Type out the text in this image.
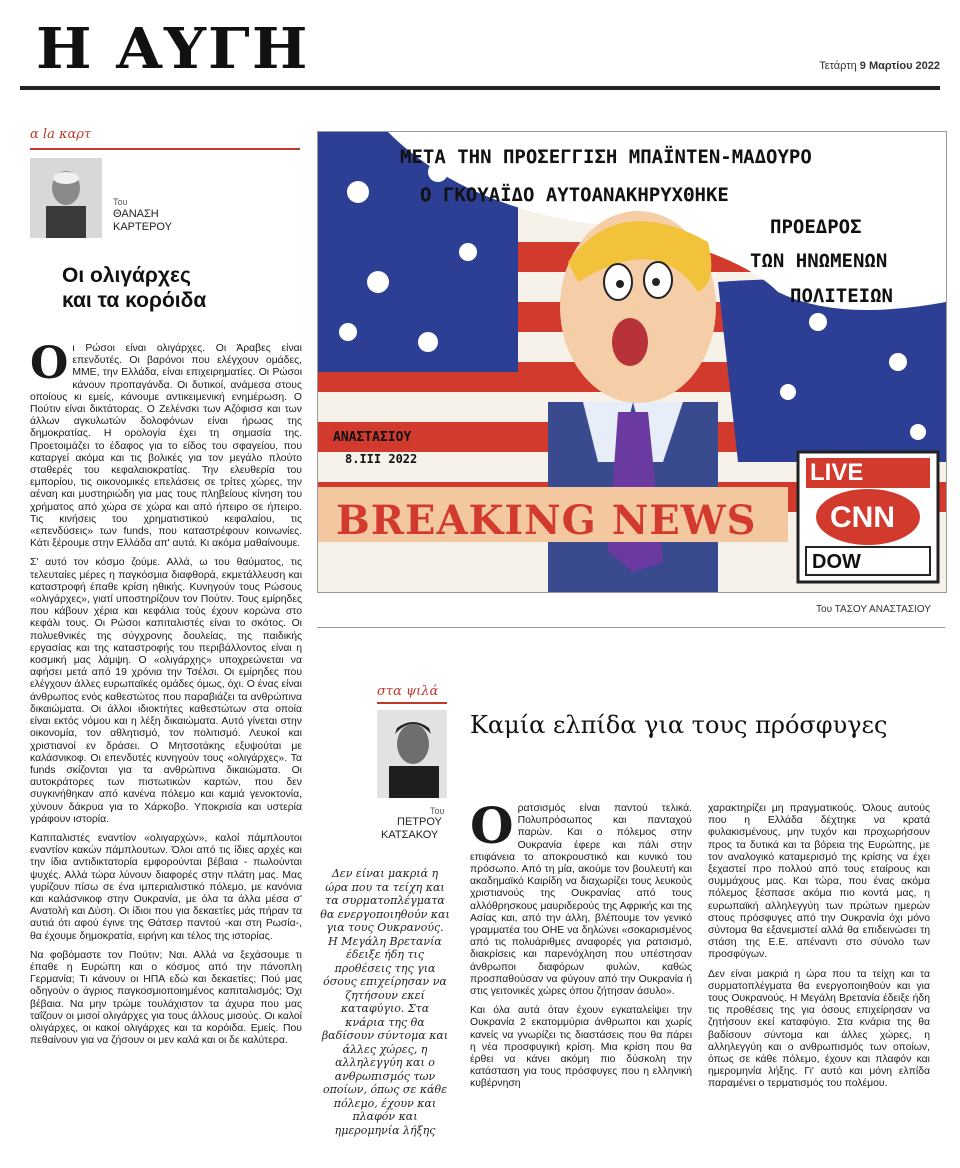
Η ΑΥΓΗ	Τετάρτη 9 Μαρτίου 2022
α la καρτ
Του
ΘΑΝΑΣΗ
ΚΑΡΤΕΡΟΥ
Οι ολιγάρχες
και τα κορόιδα
Ο ι Ρώσοι είναι ολιγάρχες. Οι Άραβες είναι επενδυτές. Οι βαρόνοι που ελέγχουν ομάδες, ΜΜΕ, την Ελλάδα, είναι επιχειρηματίες. Οι Ρώσοι κάνουν προπαγάνδα. Οι δυτικοί, ανάμεσα στους οποίους κι εμείς, κάνουμε αντικειμενική ενημέρωση. Ο Πούτιν είναι δικτάτορας. Ο Ζελένσκι των Αζόφισσ και των άλλων αγκυλωτών δολοφόνων είναι ήρωας της δημοκρατίας. Η ορολογία έχει τη σημασία της. Προετοιμάζει το έδαφος για το είδος του σφαγείου, που καταργεί ακόμα και τις βολικές για τον μεγάλο πλούτο σταθερές του κεφαλαιοκρατίας. Την ελευθερία του εμπορίου, τις οικονομικές επελάσεις σε τρίτες χώρες, την αέναη και μυστηριώδη για μας τους πληβείους κίνηση του χρήματος από χώρα σε χώρα και από ήπειρο σε ήπειρο. Τις κινήσεις του χρηματιστικού κεφαλαίου, τις «επενδύσεις» των funds, που καταστρέφουν κοινωνίες. Κάτι ξέρουμε στην Ελλάδα απ' αυτά. Κι ακόμα μαθαίνουμε.

Σ' αυτό τον κόσμο ζούμε. Αλλά, ω του θαύματος, τις τελευταίες μέρες η παγκόσμια διαφθορά, εκμετάλλευση και καταστροφή έπαθε κρίση ηθικής. Κυνηγούν τους Ρώσους «ολιγάρχες», γιατί υποστηρίζουν τον Πούτιν. Τους εμίρηδες που κάβουν χέρια και κεφάλια τούς έχουν κορώνα στο κεφάλι τους. Οι Ρώσοι καπιταλιστές είναι το σκότος. Οι πολυεθνικές της σύγχρονης δουλείας, της παιδικής εργασίας και της καταστροφής του περιβάλλοντος είναι η κοσμική μας λάμψη. Ο «ολιγάρχης» υποχρεώνεται να αφήσει μετά από 19 χρόνια την Τσέλσι. Οι εμίρηδες που ελέγχουν άλλες ευρωπαϊκές ομάδες όμως, όχι. Ο ένας είναι άνθρωπος ενός καθεστώτος που παραβιάζει τα ανθρώπινα δικαιώματα. Οι άλλοι ιδιοκτήτες καθεστώτων στα οποία είναι εκτός νόμου και η λέξη δικαιώματα. Αυτό γίνεται στην οικονομία, τον αθλητισμό, τον πολιτισμό. Λευκοί και χριστιανοί εν δράσει. Ο Μητσοτάκης εξυψούται με καλάσνικοφ. Οι επενδυτές κυνηγούν τους «ολιγάρχες». Τα funds σκίζονται για τα ανθρώπινα δικαιώματα. Οι αυτοκράτορες των πιστωτικών καρτών, που δεν συγκινήθηκαν από κανένα πόλεμο και καμιά γενοκτονία, χύνουν δάκρυα για το Χάρκοβο. Υποκρισία και υστερία γράφουν ιστορία.

Καπιταλιστές εναντίον «ολιγαρχών», καλοί πάμπλουτοι εναντίον κακών πάμπλουτων. Όλοι από τις ίδιες αρχές και την ίδια αντιδικτατορία εμφορούνται βέβαια - πωλούνται ψυχές. Αλλά τώρα λύνουν διαφορές στην πλάτη μας. Μας γυρίζουν πίσω σε ένα ιμπεριαλιστικό πόλεμο, με κανόνια και καλάσνικοφ στην Ουκρανία, με όλα τα άλλα μέσα σ' Ανατολή και Δύση. Οι ίδιοι που για δεκαετίες μάς πήραν τα αυτιά ότι αφού έγινε της Θάτσερ παντού -και στη Ρωσία-, θα έχουμε δημοκρατία, ειρήνη και τέλος της ιστορίας.

Να φοβόμαστε τον Πούτιν; Ναι. Αλλά να ξεχάσουμε τι έπαθε η Ευρώπη και ο κόσμος από την πάνοπλη Γερμανία; Τι κάνουν οι ΗΠΑ εδώ και δεκαετίες; Πού μας οδηγούν ο άγριος παγκοσμιοποιημένος καπιταλισμός; Όχι βέβαια. Να μην τρώμε τουλάχιστον τα άχυρα που μας ταΐζουν οι μισοί ολιγάρχες για τους άλλους μισούς. Οι καλοί ολιγάρχες, οι κακοί ολιγάρχες και τα κορόιδα. Εμείς. Που πεθαίνουν για να ζήσουν οι μεν καλά και οι δε καλύτερα.

ΜΕΤΑ ΤΗΝ ΠΡΟΣΕΓΓΙΣΗ ΜΠΑΪΝΤΕΝ-ΜΑΔΟΥΡΟ
Ο ΓΚΟΥΑΪΔΟ ΑΥΤΟΑΝΑΚΗΡΥΧΘΗΚΕ
ΠΡΟΕΔΡΟΣ
ΤΩΝ ΗΝΩΜΕΝΩΝ
ΠΟΛΙΤΕΙΩΝ
BREAKING NEWS
LIVE
CNN
DOW
ΑΝΑΣΤΑΣΙΟΥ
8.III 2022
Του ΤΑΣΟΥ ΑΝΑΣΤΑΣΙΟΥ
στα ψιλά
Καμία ελπίδα για τους πρόσφυγες
Του
ΠΕΤΡΟΥ
ΚΑΤΣΑΚΟΥ
Δεν είναι μακριά η ώρα που τα τείχη και τα συρματοπλέγματα θα ενεργοποιηθούν και για τους Ουκρανούς. Η Μεγάλη Βρετανία έδειξε ήδη τις προθέσεις της για όσους επιχείρησαν να ζητήσουν εκεί καταφύγιο. Στα κνάρια της θα βαδίσουν σύντομα και άλλες χώρες, η αλληλεγγύη και ο ανθρωπισμός των οποίων, όπως σε κάθε πόλεμο, έχουν και πλαφόν και ημερομηνία λήξης
Ο ρατσισμός είναι παντού τελικά. Πολυπρόσωπος και πανταχού παρών. Και ο πόλεμος στην Ουκρανία έφερε και πάλι στην επιφάνεια το αποκρουστικό και κυνικό του πρόσωπο. Από τη μία, ακούμε τον βουλευτή και ακαδημαϊκό Καιρίδη να διαχωρίζει τους λευκούς χριστιανούς της Ουκρανίας από τους αλλόθρησκους μαυριδερούς της Αφρικής και της Ασίας και, από την άλλη, βλέπουμε τον γενικό γραμματέα του ΟΗΕ να δηλώνει «σοκαρισμένος από τις πολυάριθμες αναφορές για ρατσισμό, διακρίσεις και παρενόχληση που υπέστησαν άνθρωποι διαφόρων φυλών, καθώς προσπαθούσαν να φύγουν από την Ουκρανία ή στις γειτονικές χώρες όπου ζήτησαν άσυλο».

Και όλα αυτά όταν έχουν εγκαταλείψει την Ουκρανία 2 εκατομμύρια άνθρωποι και χωρίς κανείς να γνωρίζει τις διαστάσεις που θα πάρει η νέα προσφυγική κρίση. Μια κρίση που θα έρθει να κάνει ακόμη πιο δύσκολη την κατάσταση για τους πρόσφυγες που η ελληνική κυβέρνηση

χαρακτηρίζει μη πραγματικούς. Όλους αυτούς που η Ελλάδα δέχτηκε να κρατά φυλακισμένους, μην τυχόν και προχωρήσουν προς τα δυτικά και τα βόρεια της Ευρώπης, με τον αναλογικό καταμερισμό της κρίσης να έχει ξεχαστεί προ πολλού από τους εταίρους και συμμάχους μας. Και τώρα, που ένας ακόμα πόλεμος ξέσπασε ακόμα πιο κοντά μας, η ευρωπαϊκή αλληλεγγύη των πρώτων ημερών στους πρόσφυγες από την Ουκρανία όχι μόνο σύντομα θα εξανεμιστεί αλλά θα επιδεινώσει τη στάση της Ε.Ε. απέναντι στο σύνολο των προσφύγων.

Δεν είναι μακριά η ώρα που τα τείχη και τα συρματοπλέγματα θα ενεργοποιηθούν και για τους Ουκρανούς. Η Μεγάλη Βρετανία έδειξε ήδη τις προθέσεις της για όσους επιχείρησαν να ζητήσουν εκεί καταφύγιο. Στα κνάρια της θα βαδίσουν σύντομα και άλλες χώρες, η αλληλεγγύη και ο ανθρωπισμός των οποίων, όπως σε κάθε πόλεμο, έχουν και πλαφόν και ημερομηνία λήξης. Γι' αυτό και μόνη ελπίδα παραμένει ο τερματισμός του πολέμου.
